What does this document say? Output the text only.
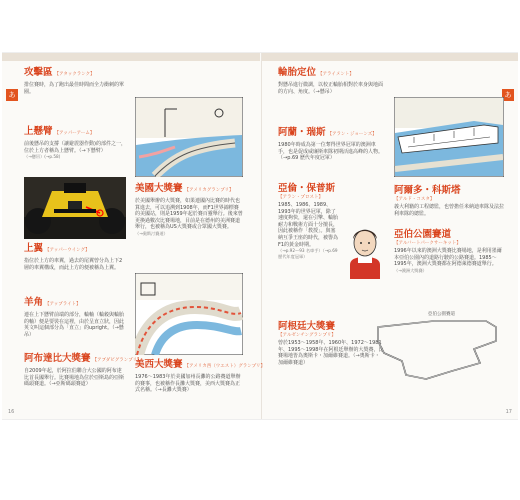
あ	あ
16	17
攻擊區 【アタックランク】
排位賽時，為了跑出最佳時間而全力衝刺的單圈。
上懸臂 【アッパーアーム】
前後懸吊的支撐（讓避震器作動)的部件之一，位於上方者稱為上懸臂。（→下懸臂）
（→懸吊）(→p.58)
上翼 【アッパーウイング】
指位於上方的車翼，過去的尾翼曾分為上下2層的車翼構成，而此上方的便被稱為上翼。
羊角 【アップライト】
連在上下懸臂前端的部分，輪軸（輪穀與輪胎的軸）便是要裝在這裡，由於呈直立狀，因此英文叫這個部分為「直立」的upright。（→懸吊）
阿布達比大獎賽 【アブダビグランプリ】
自2009年起，於阿拉伯聯合大公國的阿布達比首長國舉行。比賽場地為位於亞斯島的亞斯碼頭賽道。（→亞斯碼頭賽道）
美國大獎賽 【アメリカグランプリ】
於美國舉辦的大獎賽，如果連國內比賽的時代也算進去，可以追溯到1908年，而F1世界錦標賽的美國站，則是1959年起於賽百靈舉行。後來曾更換過數次比賽場地，目前是在德州的美洲賽道舉行，也被稱為US大獎賽或合眾國大獎賽。
（→奧斯汀賽道）
美西大獎賽 【アメリカ西（ウエスト）グランプリ】
1976～1983年於美國加州長灘的公路賽道舉辦的賽事，也被稱作長灘大獎賽，美西大獎賽為正式名稱。（→長灘大獎賽）
輪胎定位 【アライメント】
對懸吊進行微調，以校正輪胎相對於車身與地面的方向、角度。（→懸吊）
阿蘭・瑞斯 【アラン・ジョーンズ】
1980年時成為第一位奪得世界冠軍的澳洲車手，也是促成威廉斯車隊初期活進高峰的人物。（→p.69 歷代年度冠軍）
亞倫・保普斯
【アラン・プロスト】
1985、1986、1989、1993年的世界冠軍，除了速度夠快，還在引擎、輪胎耐力和戰術方面十分擅長，因此被稱作「教授」。與塞納互爭王座的時代，被譽為F1的黃金時期。
（→p.92〜93 名車手）（→p.69 歷代年度冠軍）
阿根廷大獎賽
【アルゼンチングランプリ】
曾於1953～1958年、1960年、1972～1981年、1995～1998年在阿根廷舉辦的大獎賽，比賽場地皆為奧斯卡・加爾維賽道。（→奧斯卡・加爾維賽道）
阿爾多・科斯塔
【アルド・コスタ】
義大利籍的工程總監，也曾擔任米納迪車隊及法拉利車隊的總監。
亞伯公園賽道
【アルバートパークサーキット】
1996年以來的澳洲大獎賽比賽場地，是利用墨爾本亞伯公園內的道路行駛的公路賽道。1985～1995年，澳洲大獎賽都在阿德萊德賽道舉行。
（→澳洲大獎賽）
亞伯公園賽道
